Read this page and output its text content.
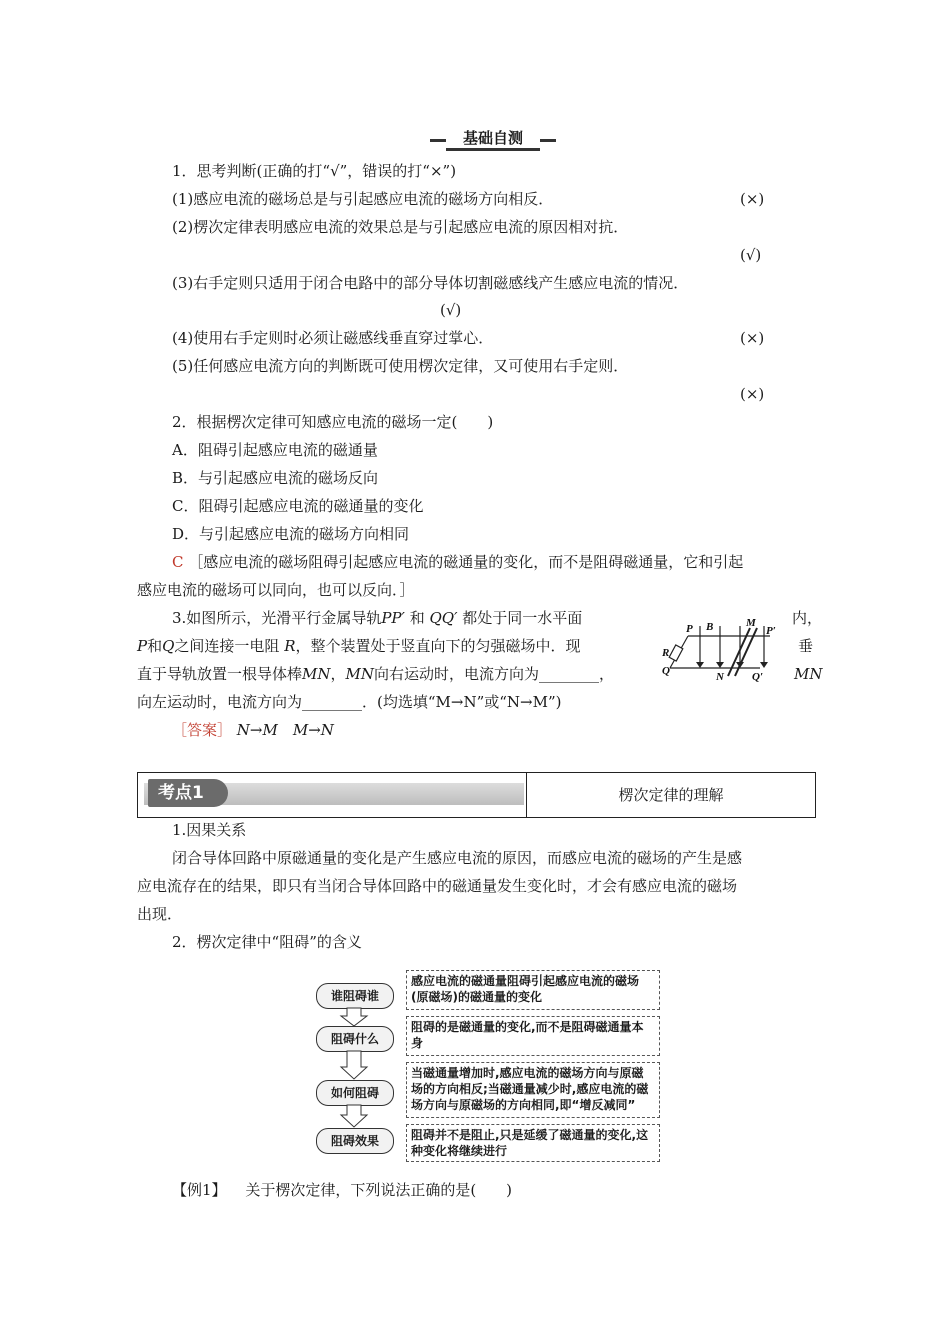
基础自测
1．思考判断(正确的打“√”，错误的打“×”)
(1)感应电流的磁场总是与引起感应电流的磁场方向相反．	(×)
(2)楞次定律表明感应电流的效果总是与引起感应电流的原因相对抗．
(√)
(3)右手定则只适用于闭合电路中的部分导体切割磁感线产生感应电流的情况．
(√)
(4)使用右手定则时必须让磁感线垂直穿过掌心．	(×)
(5)任何感应电流方向的判断既可使用楞次定律，又可使用右手定则．
(×)
2．根据楞次定律可知感应电流的磁场一定(　　)
A．阻碍引起感应电流的磁通量
B．与引起感应电流的磁场反向
C．阻碍引起感应电流的磁通量的变化
D．与引起感应电流的磁场方向相同
C ［感应电流的磁场阻碍引起感应电流的磁通量的变化，而不是阻碍磁通量，它和引起
感应电流的磁场可以同向，也可以反向．］
3.如图所示，光滑平行金属导轨PP′ 和 QQ′ 都处于同一水平面	内，
P和Q之间连接一电阻 R，整个装置处于竖直向下的匀强磁场中．现	垂
直于导轨放置一根导体棒MN，MN向右运动时，电流方向为________，	MN
向左运动时，电流方向为________．(均选填“M→N”或“N→M”)
［答案］ N→M　M→N
P B	M
P′
R
Q	N	Q′
考点1	楞次定律的理解
1.因果关系
闭合导体回路中原磁通量的变化是产生感应电流的原因，而感应电流的磁场的产生是感
应电流存在的结果，即只有当闭合导体回路中的磁通量发生变化时，才会有感应电流的磁场
出现．
2．楞次定律中“阻碍”的含义
谁阻碍谁
感应电流的磁通量阻碍引起感应电流的磁场(原磁场)的磁通量的变化
阻碍什么
阻碍的是磁通量的变化,而不是阻碍磁通量本身
如何阻碍
当磁通量增加时,感应电流的磁场方向与原磁场的方向相反;当磁通量减少时,感应电流的磁场方向与原磁场的方向相同,即“增反减同”
阻碍效果	阻碍并不是阻止,只是延缓了磁通量的变化,这种变化将继续进行
【例1】 关于楞次定律，下列说法正确的是(　　)
